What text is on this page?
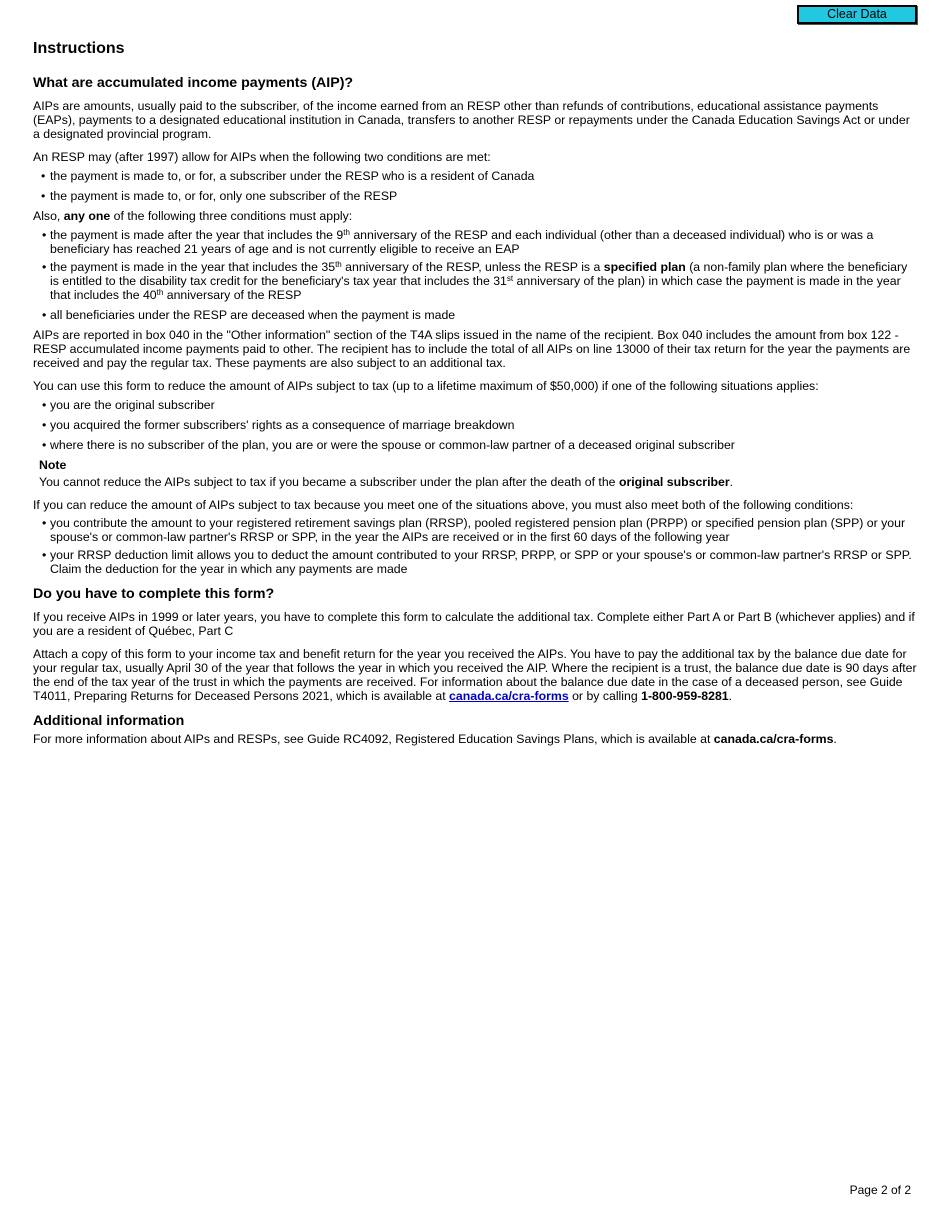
Clear Data
Instructions
What are accumulated income payments (AIP)?

AIPs are amounts, usually paid to the subscriber, of the income earned from an RESP other than refunds of contributions, educational assistance payments (EAPs), payments to a designated educational institution in Canada, transfers to another RESP or repayments under the Canada Education Savings Act or under a designated provincial program.

An RESP may (after 1997) allow for AIPs when the following two conditions are met:

• the payment is made to, or for, a subscriber under the RESP who is a resident of Canada
• the payment is made to, or for, only one subscriber of the RESP

Also, any one of the following three conditions must apply:

• the payment is made after the year that includes the 9th anniversary of the RESP and each individual (other than a deceased individual) who is or was a beneficiary has reached 21 years of age and is not currently eligible to receive an EAP
• the payment is made in the year that includes the 35th anniversary of the RESP, unless the RESP is a specified plan (a non-family plan where the beneficiary is entitled to the disability tax credit for the beneficiary's tax year that includes the 31st anniversary of the plan) in which case the payment is made in the year that includes the 40th anniversary of the RESP
• all beneficiaries under the RESP are deceased when the payment is made

AIPs are reported in box 040 in the "Other information" section of the T4A slips issued in the name of the recipient. Box 040 includes the amount from box 122 - RESP accumulated income payments paid to other. The recipient has to include the total of all AIPs on line 13000 of their tax return for the year the payments are received and pay the regular tax. These payments are also subject to an additional tax.

You can use this form to reduce the amount of AIPs subject to tax (up to a lifetime maximum of $50,000) if one of the following situations applies:

• you are the original subscriber
• you acquired the former subscribers' rights as a consequence of marriage breakdown
• where there is no subscriber of the plan, you are or were the spouse or common-law partner of a deceased original subscriber
Note
You cannot reduce the AIPs subject to tax if you became a subscriber under the plan after the death of the original subscriber.

If you can reduce the amount of AIPs subject to tax because you meet one of the situations above, you must also meet both of the following conditions:

• you contribute the amount to your registered retirement savings plan (RRSP), pooled registered pension plan (PRPP) or specified pension plan (SPP) or your spouse's or common-law partner's RRSP or SPP, in the year the AIPs are received or in the first 60 days of the following year
• your RRSP deduction limit allows you to deduct the amount contributed to your RRSP, PRPP, or SPP or your spouse's or common-law partner's RRSP or SPP. Claim the deduction for the year in which any payments are made
Do you have to complete this form?

If you receive AIPs in 1999 or later years, you have to complete this form to calculate the additional tax. Complete either Part A or Part B (whichever applies) and if you are a resident of Québec, Part C

Attach a copy of this form to your income tax and benefit return for the year you received the AIPs. You have to pay the additional tax by the balance due date for your regular tax, usually April 30 of the year that follows the year in which you received the AIP. Where the recipient is a trust, the balance due date is 90 days after the end of the tax year of the trust in which the payments are received. For information about the balance due date in the case of a deceased person, see Guide T4011, Preparing Returns for Deceased Persons 2021, which is available at canada.ca/cra-forms or by calling 1-800-959-8281.

Additional information

For more information about AIPs and RESPs, see Guide RC4092, Registered Education Savings Plans, which is available at canada.ca/cra-forms.

Page 2 of 2
